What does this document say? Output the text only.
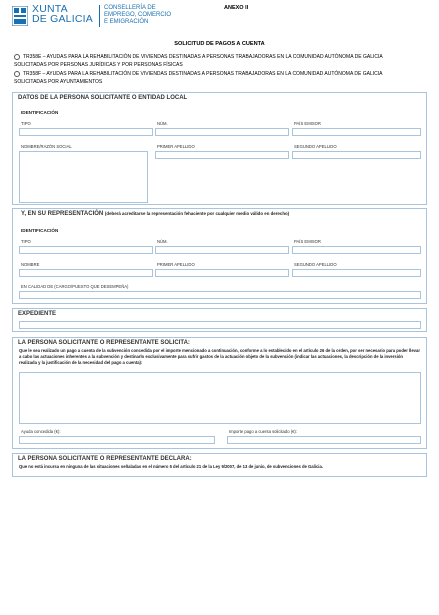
XUNTA
DE GALICIA
CONSELLERÍA DE
EMPREGO, COMERCIO
E EMIGRACIÓN
ANEXO II
SOLICITUD DE PAGOS A CUENTA
TR358E – AYUDAS PARA LA REHABILITACIÓN DE VIVIENDAS DESTINADAS A PERSONAS TRABAJADORAS EN LA COMUNIDAD AUTÓNOMA DE GALICIA SOLICITADAS POR PERSONAS JURÍDICAS Y POR PERSONAS FÍSICAS
TR358F – AYUDAS PARA LA REHABILITACIÓN DE VIVIENDAS DESTINADAS A PERSONAS TRABAJADORAS EN LA COMUNIDAD AUTÓNOMA DE GALICIA SOLICITADAS POR AYUNTAMIENTOS
DATOS DE LA PERSONA SOLICITANTE O ENTIDAD LOCAL
IDENTIFICACIÓN
TIPO	NÚM.	PAÍS EMISOR
NOMBRE/RAZÓN SOCIAL	PRIMER APELLIDO	SEGUNDO APELLIDO
Y, EN SU REPRESENTACIÓN (deberá acreditarse la representación fehaciente por cualquier medio válido en derecho)
IDENTIFICACIÓN
TIPO	NÚM.	PAÍS EMISOR
NOMBRE	PRIMER APELLIDO	SEGUNDO APELLIDO
EN CALIDAD DE (CARGO/PUESTO QUE DESEMPEÑA)
EXPEDIENTE
LA PERSONA SOLICITANTE O REPRESENTANTE SOLICITA:
Que le sea realizado un pago a cuenta de la subvención concedida por el importe mencionado a continuación, conforme a lo establecido en el artículo 26 de la orden, por ser necesario para poder llevar a cabo las actuaciones inherentes a la subvención y destinarlo exclusivamente para sufrir gastos de la actuación objeto de la subvención (indicar las actuaciones, la descripción de la inversión realizada y la justificación de la necesidad del pago a cuenta):
Ayuda concedida (€):	Importe pago a cuenta solicitado (€):
LA PERSONA SOLICITANTE O REPRESENTANTE DECLARA:
Que no está incursa en ninguna de las situaciones señaladas en el número 5 del artículo 21 de la Ley 9/2007, de 13 de junio, de subvenciones de Galicia.
